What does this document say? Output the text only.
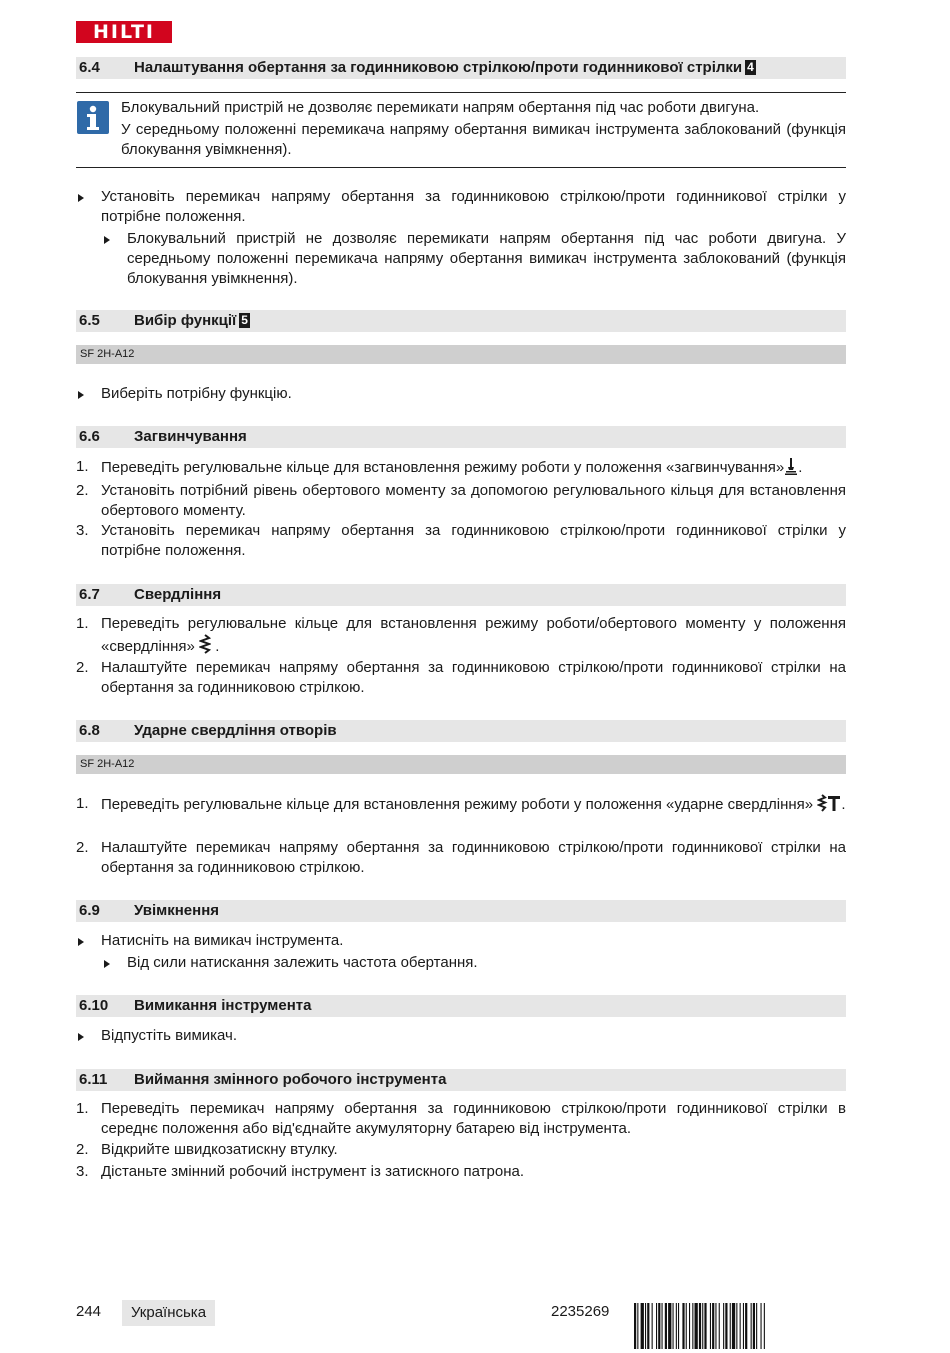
HILTI
6.4 Налаштування обертання за годинниковою стрілкою/проти годинникової стрілки 4
Блокувальний пристрій не дозволяє перемикати напрям обертання під час роботи двигуна.
У середньому положенні перемикача напряму обертання вимикач інструмента заблокований (функція блокування увімкнення).
Установіть перемикач напряму обертання за годинниковою стрілкою/проти годинникової стрілки у потрібне положення.
Блокувальний пристрій не дозволяє перемикати напрям обертання під час роботи двигуна. У середньому положенні перемикача напряму обертання вимикач інструмента заблокований (функція блокування увімкнення).
6.5 Вибір функції 5
SF 2H-A12
Виберіть потрібну функцію.
6.6 Загвинчування
1. Переведіть регулювальне кільце для встановлення режиму роботи у положення «загвинчування» .
2. Установіть потрібний рівень обертового моменту за допомогою регулювального кільця для встановлення обертового моменту.
3. Установіть перемикач напряму обертання за годинниковою стрілкою/проти годинникової стрілки у потрібне положення.
6.7 Свердління
1. Переведіть регулювальне кільце для встановлення режиму роботи/обертового моменту у положення «свердління» .
2. Налаштуйте перемикач напряму обертання за годинниковою стрілкою/проти годинникової стрілки на обертання за годинниковою стрілкою.
6.8 Ударне свердління отворів
SF 2H-A12
1. Переведіть регулювальне кільце для встановлення режиму роботи у положення «ударне свердління» .
2. Налаштуйте перемикач напряму обертання за годинниковою стрілкою/проти годинникової стрілки на обертання за годинниковою стрілкою.
6.9 Увімкнення
Натисніть на вимикач інструмента.
Від сили натискання залежить частота обертання.
6.10 Вимикання інструмента
Відпустіть вимикач.
6.11 Виймання змінного робочого інструмента
1. Переведіть перемикач напряму обертання за годинниковою стрілкою/проти годинникової стрілки в середнє положення або від'єднайте акумуляторну батарею від інструмента.
2. Відкрийте швидкозатискну втулку.
3. Дістаньте змінний робочий інструмент із затискного патрона.
244	Українська	2235269
